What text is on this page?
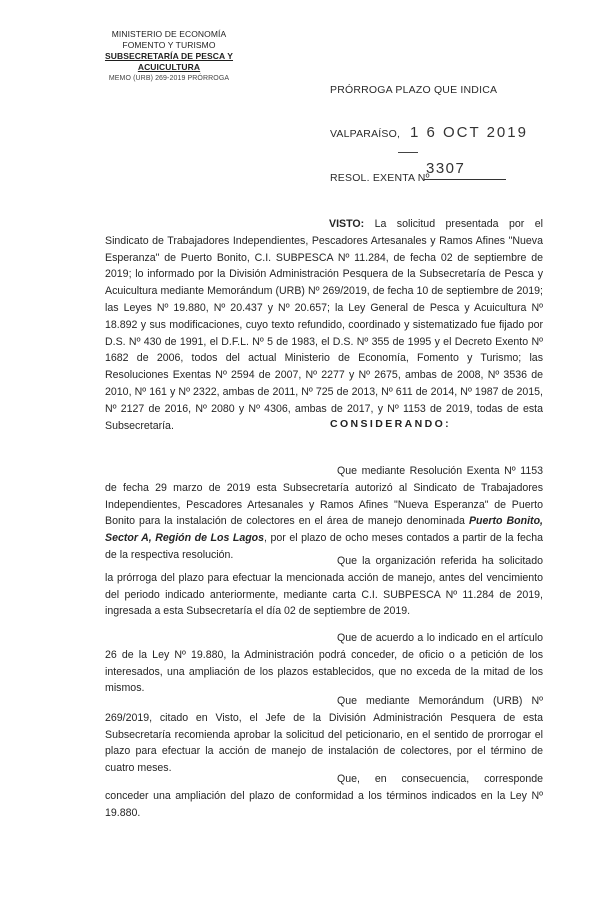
MINISTERIO DE ECONOMÍA
FOMENTO Y TURISMO
SUBSECRETARÍA DE PESCA Y ACUICULTURA
MEMO (URB) 269-2019 PRÓRROGA
PRÓRROGA PLAZO QUE INDICA
VALPARAÍSO, 1 6 OCT 2019
RESOL. EXENTA Nº
3307
VISTO: La solicitud presentada por el Sindicato de Trabajadores Independientes, Pescadores Artesanales y Ramos Afines "Nueva Esperanza" de Puerto Bonito, C.I. SUBPESCA Nº 11.284, de fecha 02 de septiembre de 2019; lo informado por la División Administración Pesquera de la Subsecretaría de Pesca y Acuicultura mediante Memorándum (URB) Nº 269/2019, de fecha 10 de septiembre de 2019; las Leyes Nº 19.880, Nº 20.437 y Nº 20.657; la Ley General de Pesca y Acuicultura Nº 18.892 y sus modificaciones, cuyo texto refundido, coordinado y sistematizado fue fijado por D.S. Nº 430 de 1991, el D.F.L. Nº 5 de 1983, el D.S. Nº 355 de 1995 y el Decreto Exento Nº 1682 de 2006, todos del actual Ministerio de Economía, Fomento y Turismo; las Resoluciones Exentas Nº 2594 de 2007, Nº 2277 y Nº 2675, ambas de 2008, Nº 3536 de 2010, Nº 161 y Nº 2322, ambas de 2011, Nº 725 de 2013, Nº 611 de 2014, Nº 1987 de 2015, Nº 2127 de 2016, Nº 2080 y Nº 4306, ambas de 2017, y Nº 1153 de 2019, todas de esta Subsecretaría.	CONSIDERANDO:
Que mediante Resolución Exenta Nº 1153 de fecha 29 marzo de 2019 esta Subsecretaría autorizó al Sindicato de Trabajadores Independientes, Pescadores Artesanales y Ramos Afines "Nueva Esperanza" de Puerto Bonito para la instalación de colectores en el área de manejo denominada Puerto Bonito, Sector A, Región de Los Lagos, por el plazo de ocho meses contados a partir de la fecha de la respectiva resolución.
Que la organización referida ha solicitado la prórroga del plazo para efectuar la mencionada acción de manejo, antes del vencimiento del periodo indicado anteriormente, mediante carta C.I. SUBPESCA Nº 11.284 de 2019, ingresada a esta Subsecretaría el día 02 de septiembre de 2019.
Que de acuerdo a lo indicado en el artículo 26 de la Ley Nº 19.880, la Administración podrá conceder, de oficio o a petición de los interesados, una ampliación de los plazos establecidos, que no exceda de la mitad de los mismos.
Que mediante Memorándum (URB) Nº 269/2019, citado en Visto, el Jefe de la División Administración Pesquera de esta Subsecretaría recomienda aprobar la solicitud del peticionario, en el sentido de prorrogar el plazo para efectuar la acción de manejo de instalación de colectores, por el término de cuatro meses.
Que, en consecuencia, corresponde conceder una ampliación del plazo de conformidad a los términos indicados en la Ley Nº 19.880.
